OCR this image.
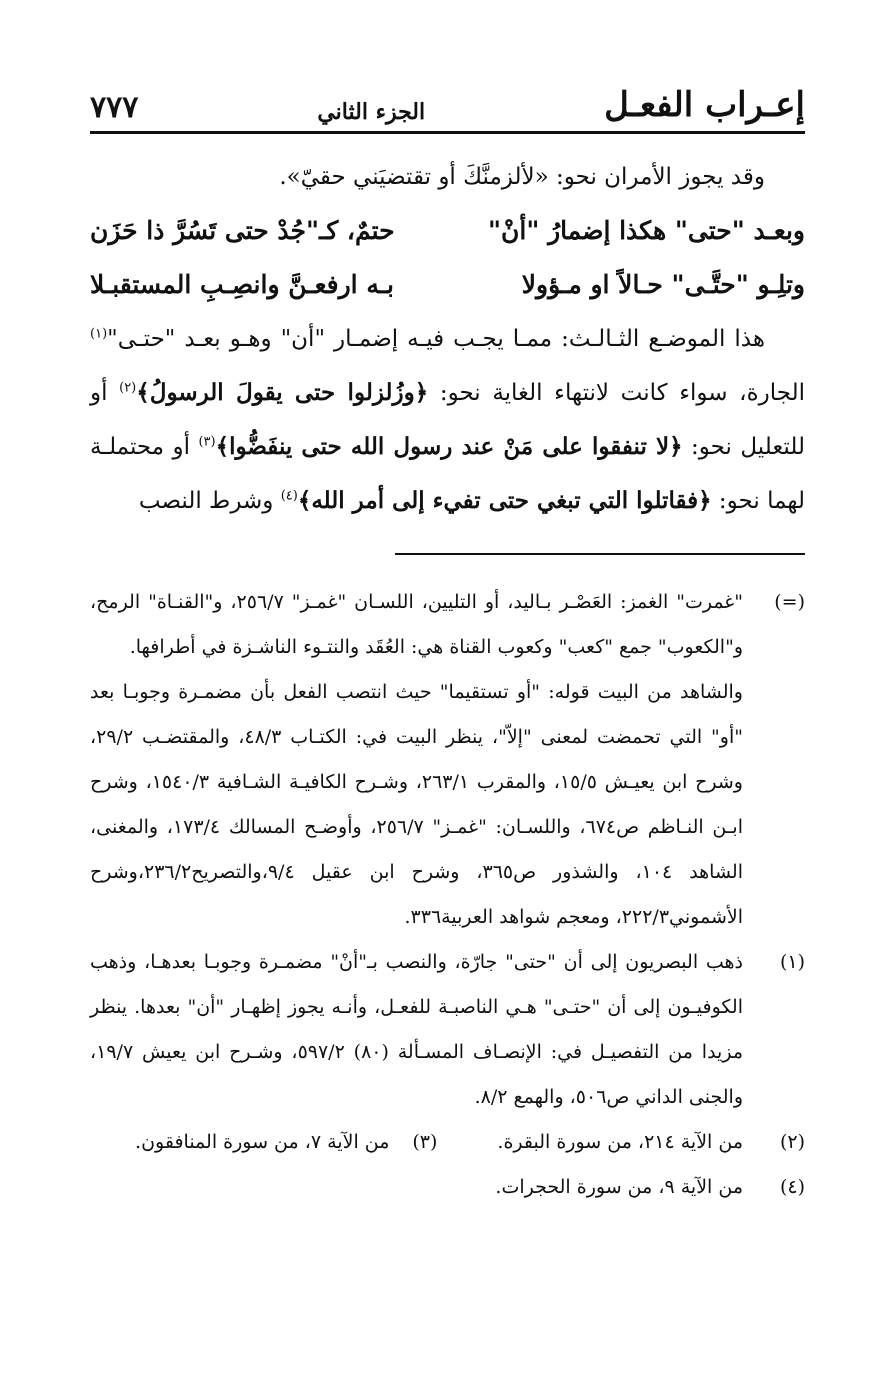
إعـراب الفعـل
الجزء الثاني
٧٧٧

وقد يجوز الأمران نحو: «لألزمنَّكَ أو تقتضيَني حقيّ».

وبعـد "حتى" هكذا إضمارُ "أنْ"
حتمٌ، كـ"جُدْ حتى تَسُرَّ ذا حَزَن
وتلِـو "حتَّـى" حـالاً او مـؤولا
بـه ارفعـنَّ وانصِـبِ المستقبـلا

هذا الموضـع الثـالـث: ممـا يجـب فيـه إضمـار "أن" وهـو بعـد "حتـى"$^{(١)}$ الجارة، سواء كانت لانتهاء الغاية نحو: ﴿وزُلزلوا حتى يقولَ الرسولُ﴾$^{(٢)}$ أو للتعليل نحو: ﴿لا تنفقوا على مَنْ عند رسول الله حتى ينفَضُّوا﴾$^{(٣)}$ أو محتملـة لهما نحو: ﴿فقاتلوا التي تبغي حتى تفيء إلى أمر الله﴾$^{(٤)}$ وشرط النصب

(=)
"غمرت" الغمز: العَصْـر بـاليد، أو التليين، اللسـان "غمـز" ٢٥٦/٧، و"القنـاة" الرمح، و"الكعوب" جمع "كعب" وكعوب القناة هي: العُقَد والنتـوء الناشـزة في أطرافها.
والشاهد من البيت قوله: "أو تستقيما" حيث انتصب الفعل بأن مضمـرة وجوبـا بعد "أو" التي تحمضت لمعنى "إلاّ"، ينظر البيت في: الكتـاب ٤٨/٣، والمقتضـب ٢٩/٢، وشرح ابن يعيـش ١٥/٥، والمقرب ٢٦٣/١، وشـرح الكافيـة الشـافية ١٥٤٠/٣، وشرح ابـن النـاظم ص٦٧٤، واللسـان: "غمـز" ٢٥٦/٧، وأوضـح المسالك ١٧٣/٤، والمغنى، الشاهد ١٠٤، والشذور ص٣٦٥، وشرح ابن عقيل ٩/٤،والتصريح٢٣٦/٢،وشرح الأشموني٢٢٢/٣، ومعجم شواهد العربية٣٣٦.
(١)
ذهب البصريون إلى أن "حتى" جارّة، والنصب بـ"أنْ" مضمـرة وجوبـا بعدهـا، وذهب الكوفيـون إلى أن "حتـى" هـي الناصبـة للفعـل، وأنـه يجوز إظهـار "أن" بعدها. ينظر مزيدا من التفصيـل في: الإنصـاف المسـألة (٨٠) ٥٩٧/٢، وشـرح ابن يعيش ١٩/٧، والجنى الداني ص٥٠٦، والهمع ٨/٢.
(٢)
من الآية ٢١٤، من سورة البقرة.
(٣)
من الآية ٧، من سورة المنافقون.
(٤)
من الآية ٩، من سورة الحجرات.
